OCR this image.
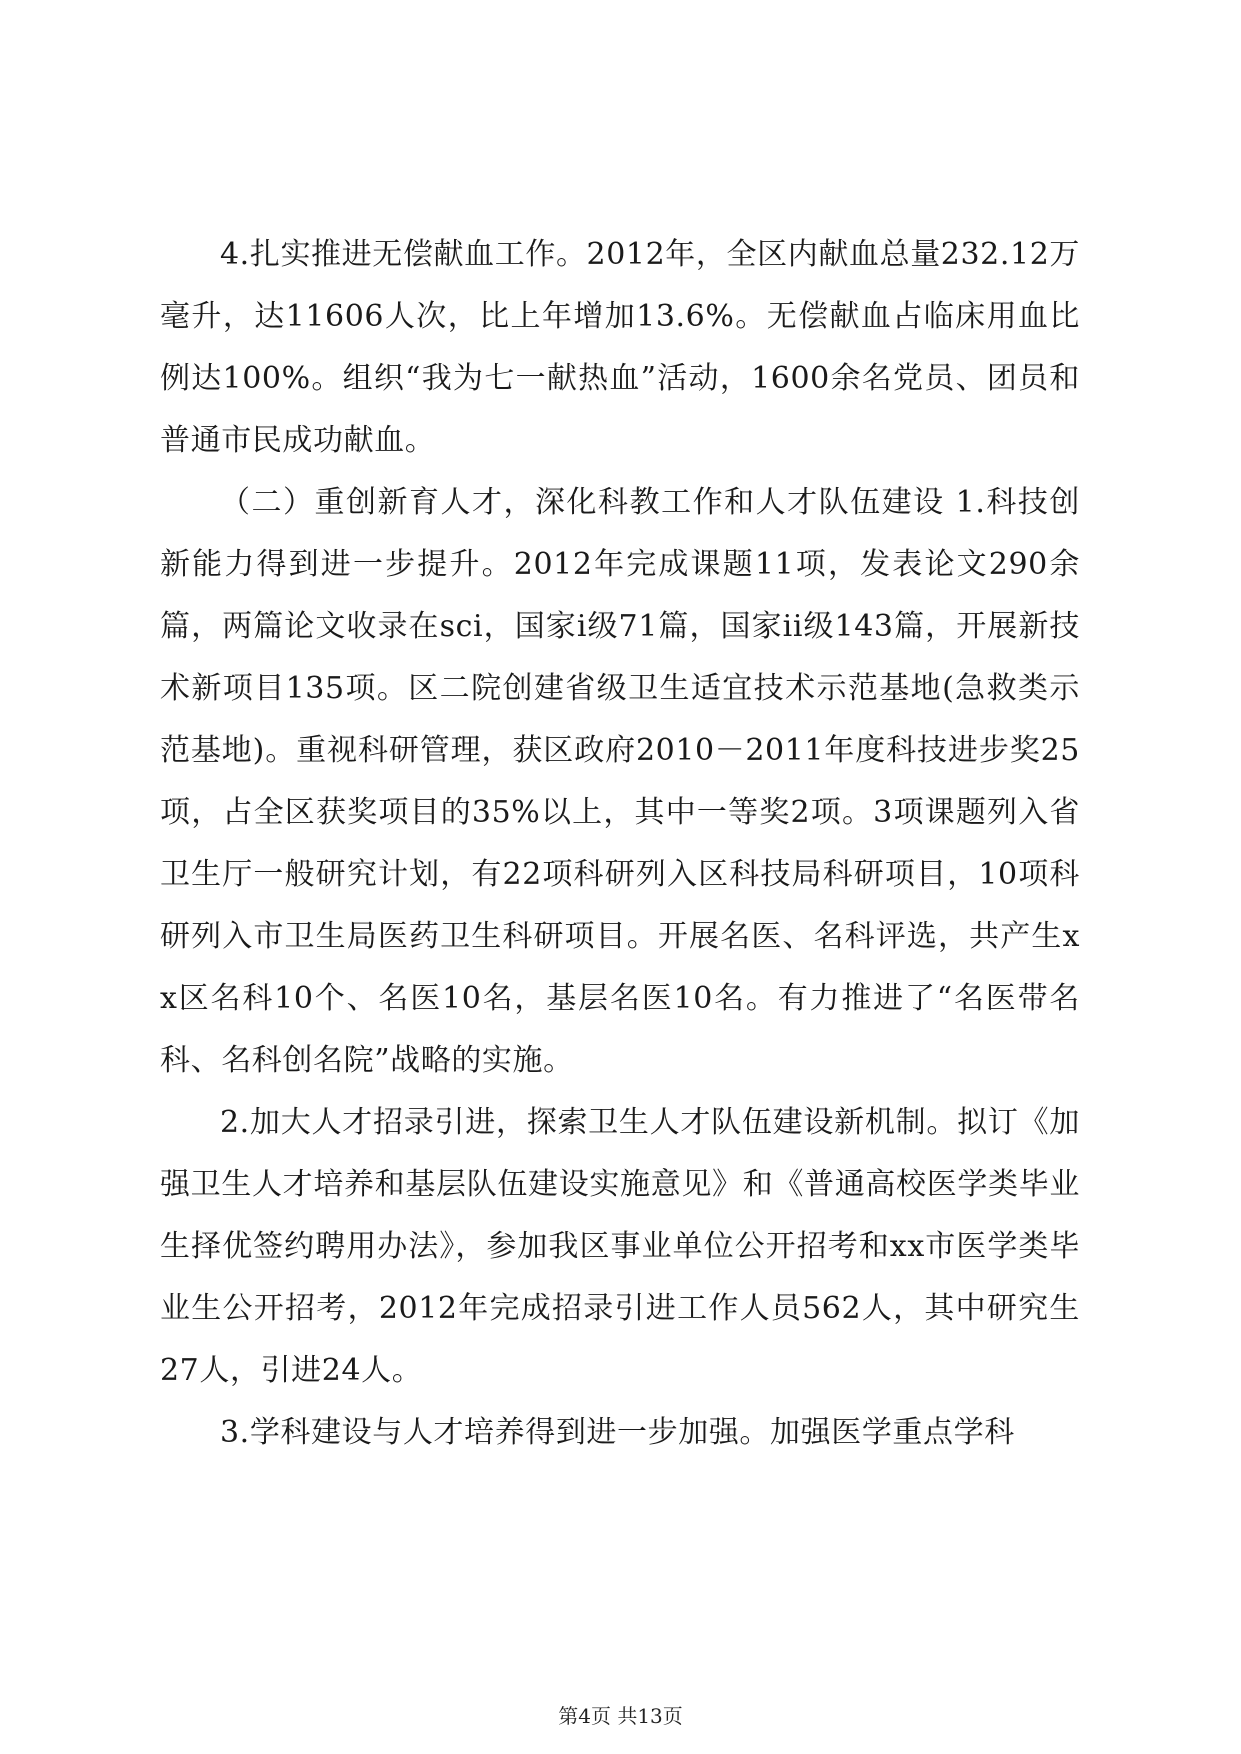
4.扎实推进无偿献血工作。2012年，全区内献血总量232.12万毫升，达11606人次，比上年增加13.6%。无偿献血占临床用血比例达100%。组织“我为七一献热血”活动，1600余名党员、团员和普通市民成功献血。

（二）重创新育人才，深化科教工作和人才队伍建设 1.科技创新能力得到进一步提升。2012年完成课题11项，发表论文290余篇，两篇论文收录在sci，国家i级71篇，国家ii级143篇，开展新技术新项目135项。区二院创建省级卫生适宜技术示范基地(急救类示范基地)。重视科研管理，获区政府2010－2011年度科技进步奖25项，占全区获奖项目的35%以上，其中一等奖2项。3项课题列入省卫生厅一般研究计划，有22项科研列入区科技局科研项目，10项科研列入市卫生局医药卫生科研项目。开展名医、名科评选，共产生xx区名科10个、名医10名，基层名医10名。有力推进了“名医带名科、名科创名院”战略的实施。

2.加大人才招录引进，探索卫生人才队伍建设新机制。拟订《加强卫生人才培养和基层队伍建设实施意见》和《普通高校医学类毕业生择优签约聘用办法》，参加我区事业单位公开招考和xx市医学类毕业生公开招考，2012年完成招录引进工作人员562人，其中研究生27人，引进24人。

3.学科建设与人才培养得到进一步加强。加强医学重点学科

第4页 共13页
